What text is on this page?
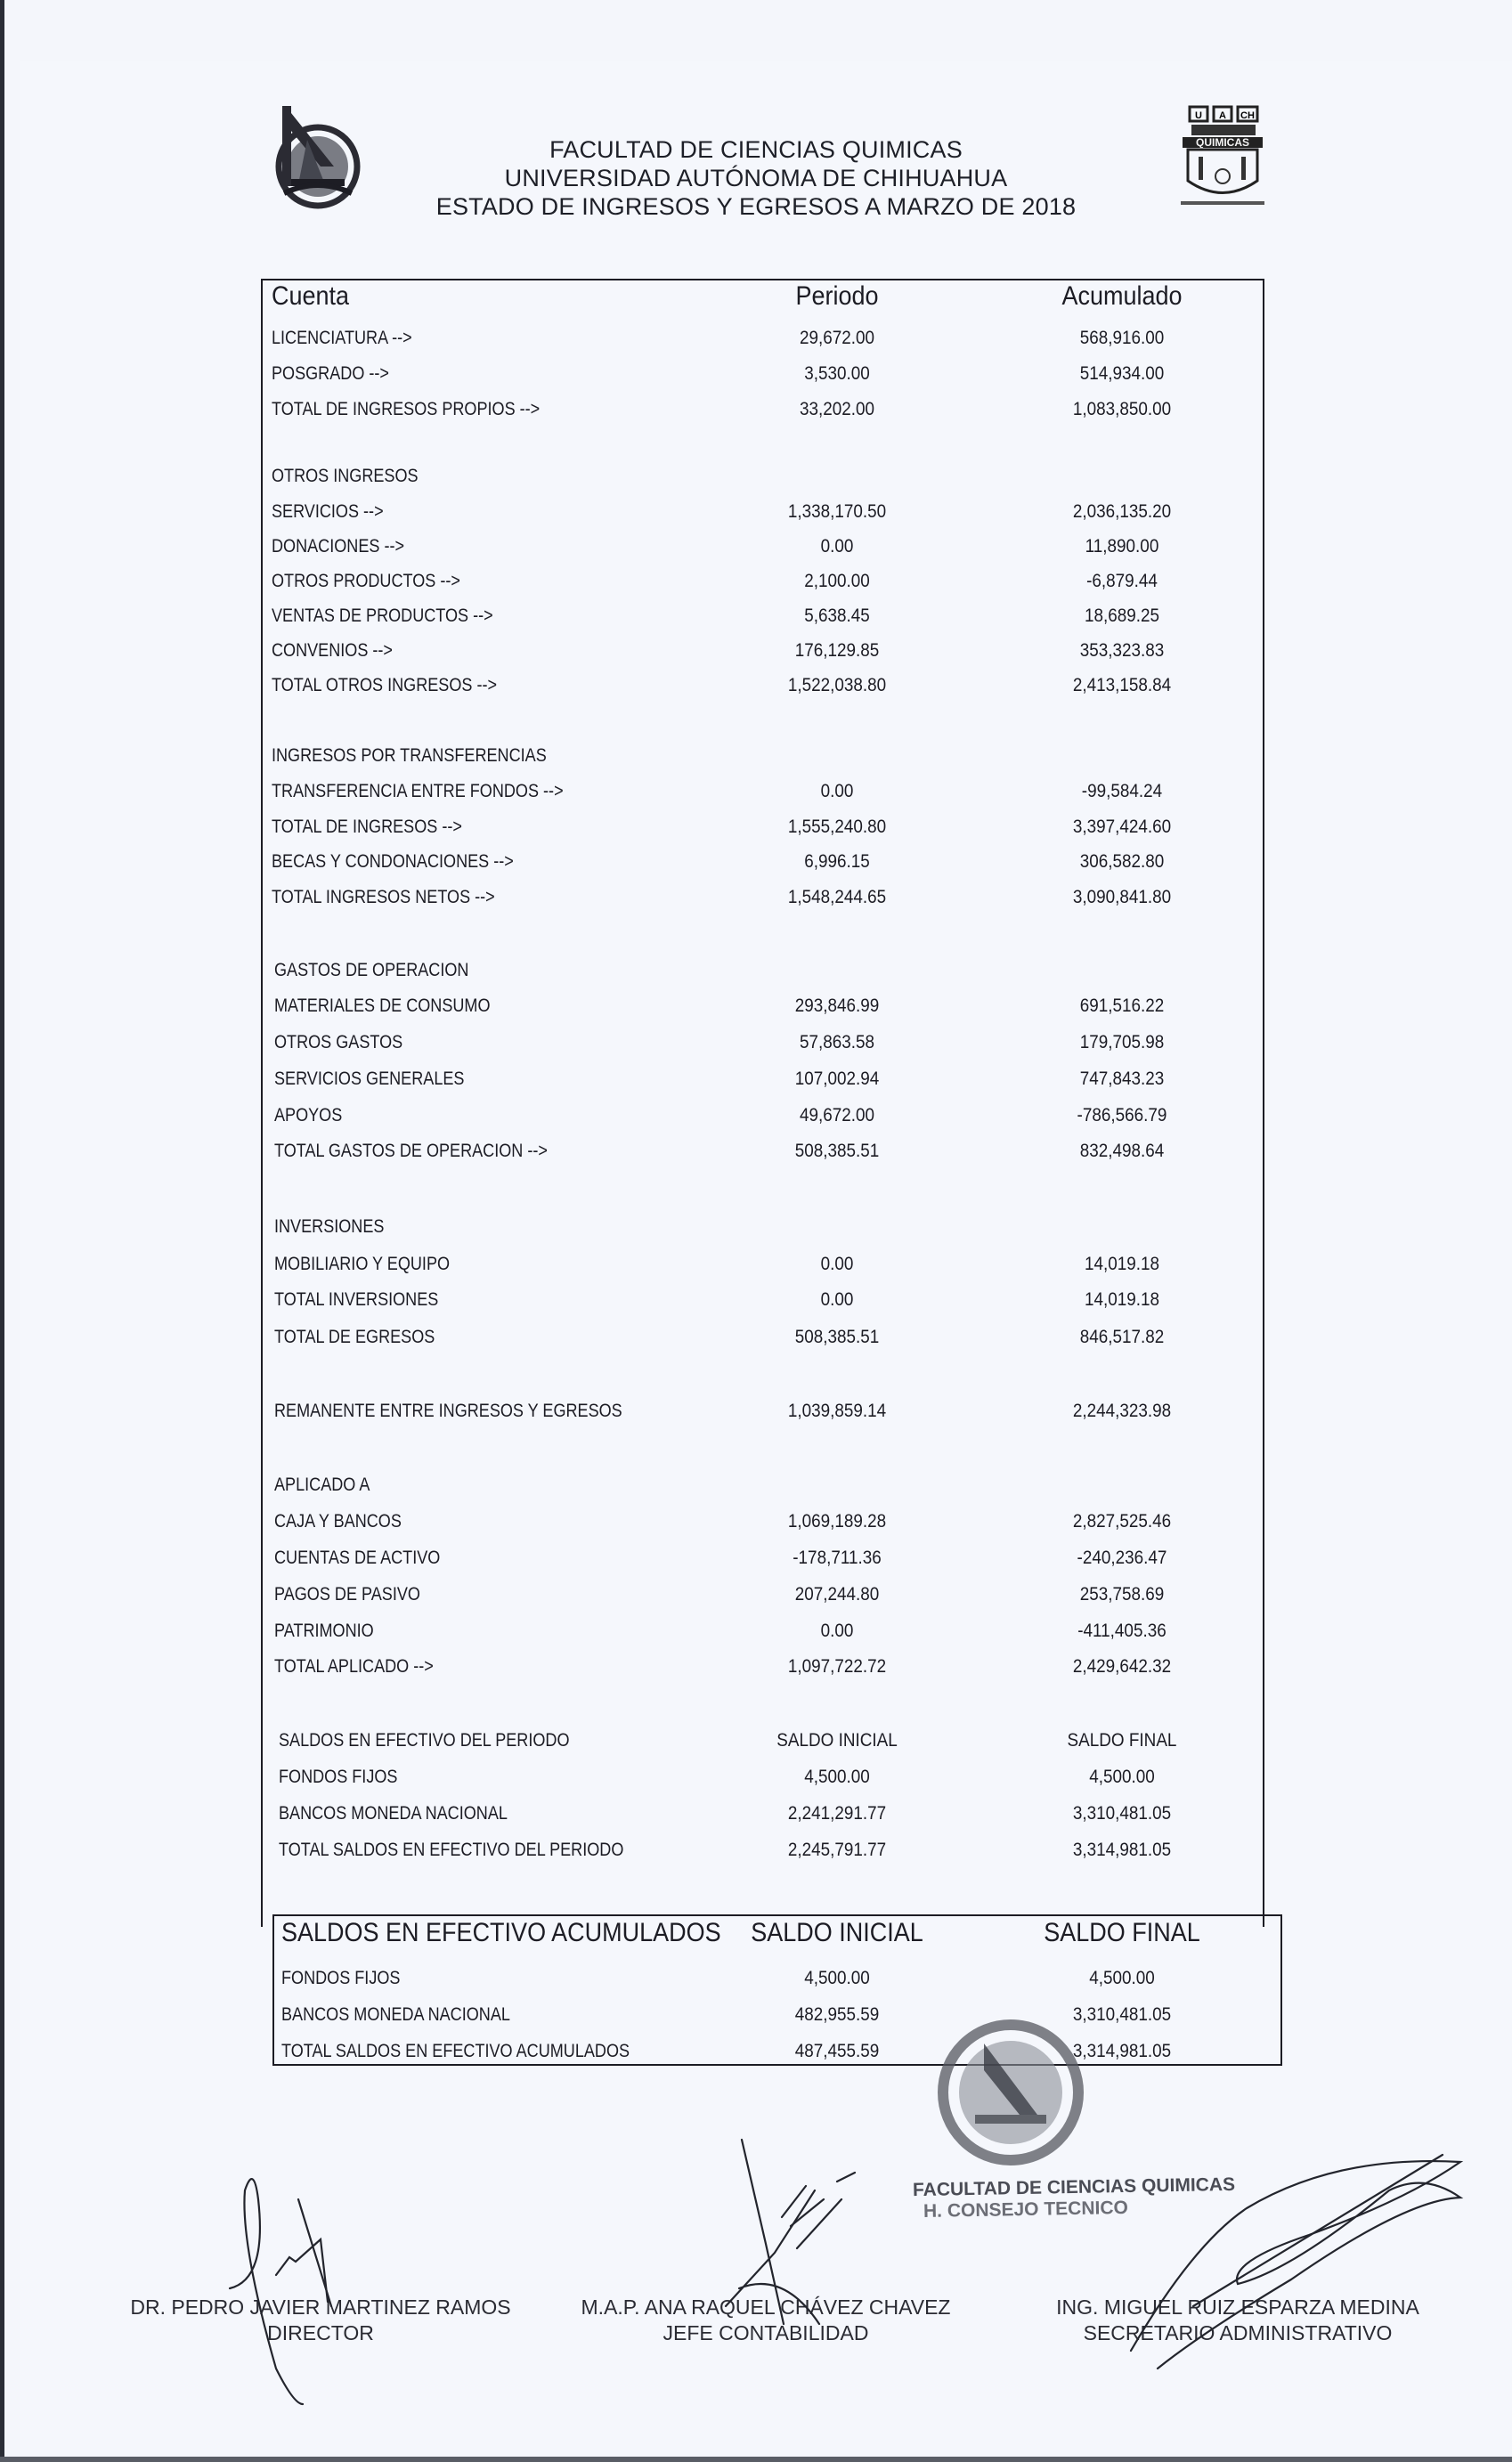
U A CH
QUIMICAS
FACULTAD DE CIENCIAS QUIMICAS
UNIVERSIDAD AUTÓNOMA DE CHIHUAHUA
ESTADO DE INGRESOS Y EGRESOS A MARZO DE 2018
Cuenta	Periodo	Acumulado
LICENCIATURA -->	29,672.00	568,916.00
POSGRADO -->	3,530.00	514,934.00
TOTAL DE INGRESOS PROPIOS -->	33,202.00	1,083,850.00
OTROS INGRESOS
SERVICIOS -->	1,338,170.50	2,036,135.20
DONACIONES -->	0.00	11,890.00
OTROS PRODUCTOS -->	2,100.00	-6,879.44
VENTAS DE PRODUCTOS -->	5,638.45	18,689.25
CONVENIOS -->	176,129.85	353,323.83
TOTAL OTROS INGRESOS -->	1,522,038.80	2,413,158.84
INGRESOS POR TRANSFERENCIAS
TRANSFERENCIA ENTRE FONDOS -->	0.00	-99,584.24
TOTAL DE INGRESOS -->	1,555,240.80	3,397,424.60
BECAS Y CONDONACIONES -->	6,996.15	306,582.80
TOTAL INGRESOS NETOS -->	1,548,244.65	3,090,841.80
GASTOS DE OPERACION
MATERIALES DE CONSUMO	293,846.99	691,516.22
OTROS GASTOS	57,863.58	179,705.98
SERVICIOS GENERALES	107,002.94	747,843.23
APOYOS	49,672.00	-786,566.79
TOTAL GASTOS DE OPERACION -->	508,385.51	832,498.64
INVERSIONES
MOBILIARIO Y EQUIPO	0.00	14,019.18
TOTAL INVERSIONES	0.00	14,019.18
TOTAL DE EGRESOS	508,385.51	846,517.82
REMANENTE ENTRE INGRESOS Y EGRESOS	1,039,859.14	2,244,323.98
APLICADO A
CAJA Y BANCOS	1,069,189.28	2,827,525.46
CUENTAS DE ACTIVO	-178,711.36	-240,236.47
PAGOS DE PASIVO	207,244.80	253,758.69
PATRIMONIO	0.00	-411,405.36
TOTAL APLICADO -->	1,097,722.72	2,429,642.32
SALDOS EN EFECTIVO DEL PERIODO	SALDO INICIAL	SALDO FINAL
FONDOS FIJOS	4,500.00	4,500.00
BANCOS MONEDA NACIONAL	2,241,291.77	3,310,481.05
TOTAL SALDOS EN EFECTIVO DEL PERIODO	2,245,791.77	3,314,981.05
SALDOS EN EFECTIVO ACUMULADOS	SALDO INICIAL	SALDO FINAL
FONDOS FIJOS	4,500.00	4,500.00
BANCOS MONEDA NACIONAL	482,955.59	3,310,481.05
TOTAL SALDOS EN EFECTIVO ACUMULADOS	487,455.59	3,314,981.05
FACULTAD DE CIENCIAS QUIMICAS
H. CONSEJO TECNICO
DR. PEDRO JAVIER MARTINEZ RAMOS
DIRECTOR
M.A.P. ANA RAQUEL CHÁVEZ CHAVEZ
JEFE CONTABILIDAD
ING. MIGUEL RUIZ ESPARZA MEDINA
SECRETARIO ADMINISTRATIVO
